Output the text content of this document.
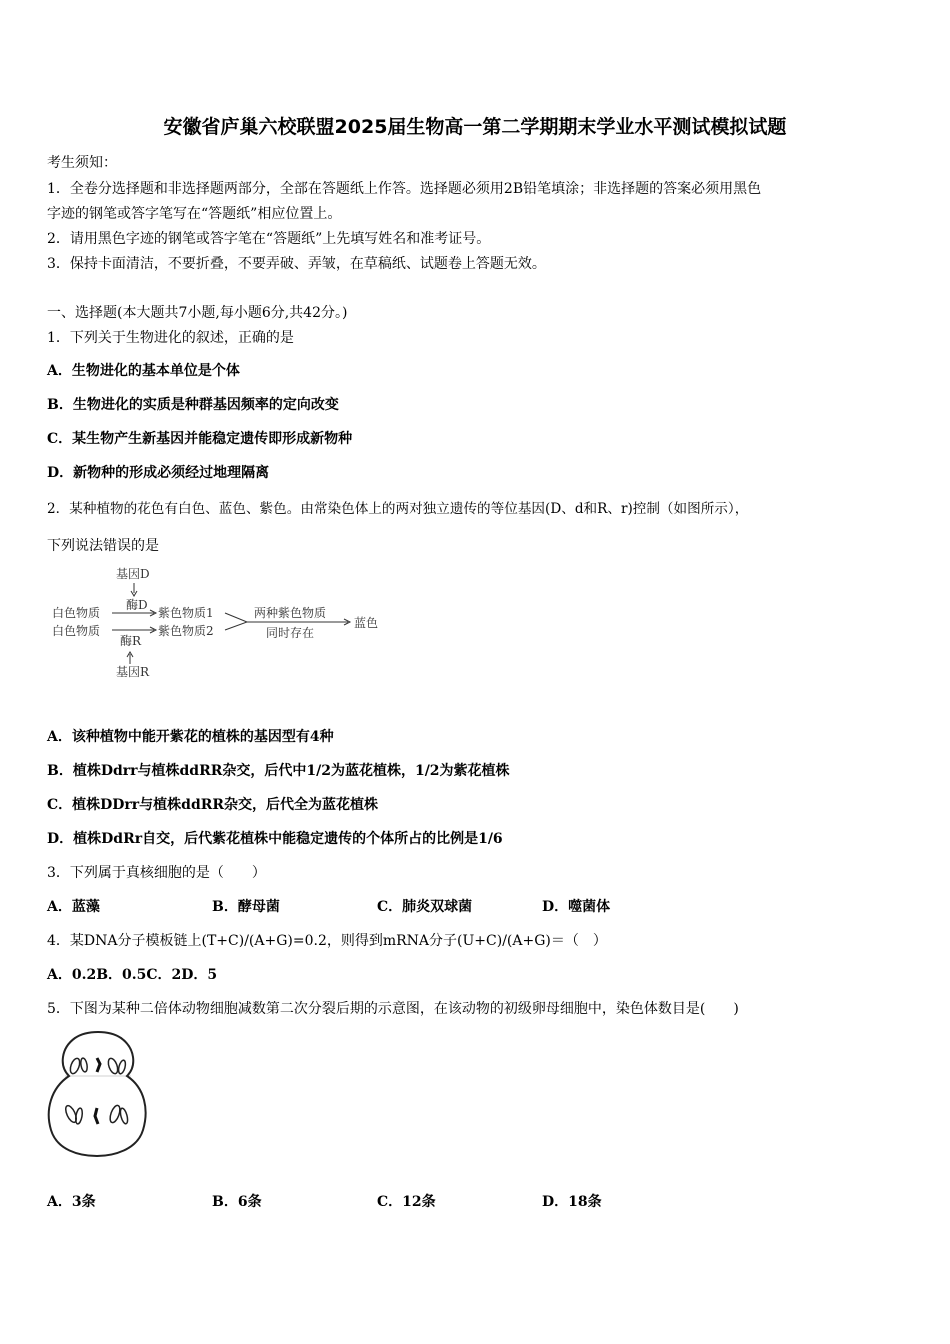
安徽省庐巢六校联盟2025届生物高一第二学期期末学业水平测试模拟试题
考生须知：
1．全卷分选择题和非选择题两部分，全部在答题纸上作答。选择题必须用2B铅笔填涂；非选择题的答案必须用黑色
字迹的钢笔或答字笔写在“答题纸”相应位置上。
2．请用黑色字迹的钢笔或答字笔在“答题纸”上先填写姓名和准考证号。
3．保持卡面清洁，不要折叠，不要弄破、弄皱，在草稿纸、试题卷上答题无效。
一、选择题(本大题共7小题,每小题6分,共42分。)
1．下列关于生物进化的叙述，正确的是
A．生物进化的基本单位是个体
B．生物进化的实质是种群基因频率的定向改变
C．某生物产生新基因并能稳定遗传即形成新物种
D．新物种的形成必须经过地理隔离
2．某种植物的花色有白色、蓝色、紫色。由常染色体上的两对独立遗传的等位基因(D、d和R、r)控制（如图所示），
下列说法错误的是
基因D
酶D
白色物质
白色物质
紫色物质1
紫色物质2
两种紫色物质
同时存在
蓝色
酶R
基因R
A．该种植物中能开紫花的植株的基因型有4种
B．植株Ddrr与植株ddRR杂交，后代中1/2为蓝花植株，1/2为紫花植株
C．植株DDrr与植株ddRR杂交，后代全为蓝花植株
D．植株DdRr自交，后代紫花植株中能稳定遗传的个体所占的比例是1/6
3．下列属于真核细胞的是（　　）
A．蓝藻	B．酵母菌	C．肺炎双球菌	D．噬菌体
4．某DNA分子模板链上(T+C)/(A+G)=0.2，则得到mRNA分子(U+C)/(A+G)＝（　）
A．0.2B．0.5C．2D．5
5．下图为某种二倍体动物细胞减数第二次分裂后期的示意图，在该动物的初级卵母细胞中，染色体数目是(　　)
A．3条	B．6条	C．12条	D．18条
